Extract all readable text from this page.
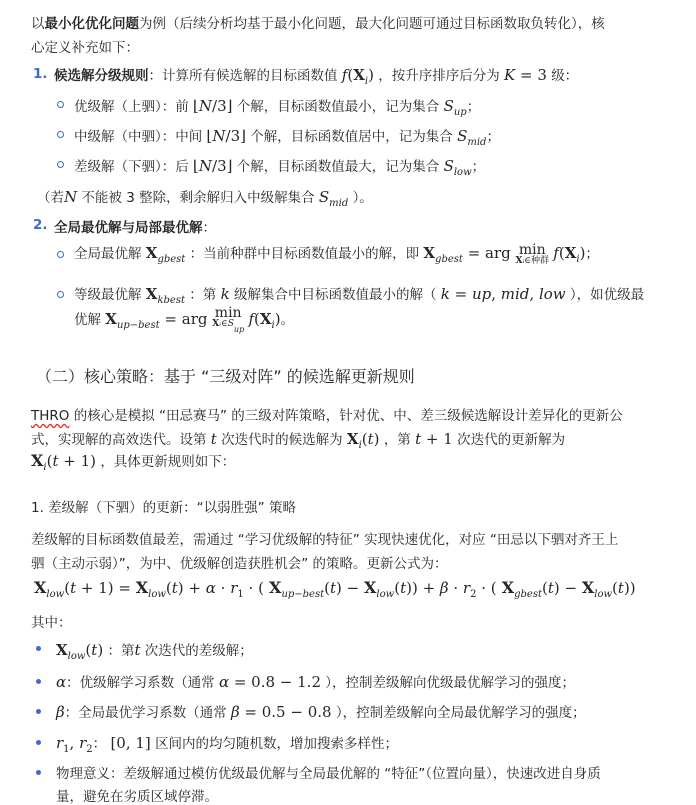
以最小化优化问题为例（后续分析均基于最小化问题，最大化问题可通过目标函数取负转化），核
心定义补充如下：
1. 候选解分级规则：计算所有候选解的目标函数值 $f(X_i)$ ，按升序排序后分为 K = 3 级：
优级解（上驷）：前 ⌊N/3⌋ 个解，目标函数值最小，记为集合 $S_{up}$；
中级解（中驷）：中间 ⌊N/3⌋ 个解，目标函数值居中，记为集合 $S_{mid}$；
差级解（下驷）：后 ⌊N/3⌋ 个解，目标函数值最大，记为集合 $S_{low}$；
（若N 不能被 3 整除，剩余解归入中级解集合 $S_{mid}$ ）。
2. 全局最优解与局部最优解：
全局最优解 $X_{gbest}$ ：当前种群中目标函数值最小的解，即 $X_{gbest}$ = arg min
Xᵢ∈种群 $f(X_i)$；
等级最优解 $X_{kbest}$ ：第 k 级解集合中目标函数值最小的解（ k = up, mid, low ），如优级最
优解 $X_{up-best}$ = arg min
Xᵢ∈Sup
$f(X_i)$。
（二）核心策略：基于 “三级对阵” 的候选解更新规则
THRO 的核心是模拟 “田忌赛马” 的三级对阵策略，针对优、中、差三级候选解设计差异化的更新公
式，实现解的高效迭代。设第 t 次迭代时的候选解为 $X_i(t)$ ，第 t + 1 次迭代的更新解为
$X_i(t + 1)$ ，具体更新规则如下：
1. 差级解（下驷）的更新：“以弱胜强” 策略
差级解的目标函数值最差，需通过 “学习优级解的特征” 实现快速优化，对应 “田忌以下驷对齐王上
驷（主动示弱）”，为中、优级解创造获胜机会” 的策略。更新公式为：
$X_{low}(t + 1) = X_{low}(t) + \alpha \cdot r_1$ · ( $X_{up-best}(t) - X_{low}(t)) + \beta \cdot r_2$ · ( $X_{gbest}(t) - X_{low}(t)$)
其中：
$X_{low}(t)$ ：第t 次迭代的差级解；
α：优级解学习系数（通常 α = 0.8 − 1.2 ），控制差级解向优级最优解学习的强度；
β：全局最优学习系数（通常 β = 0.5 − 0.8 ），控制差级解向全局最优解学习的强度；
$r_1$, $r_2$： [0, 1] 区间内的均匀随机数，增加搜索多样性；
物理意义：差级解通过模仿优级最优解与全局最优解的 “特征”（位置向量），快速改进自身质
量，避免在劣质区域停滞。
